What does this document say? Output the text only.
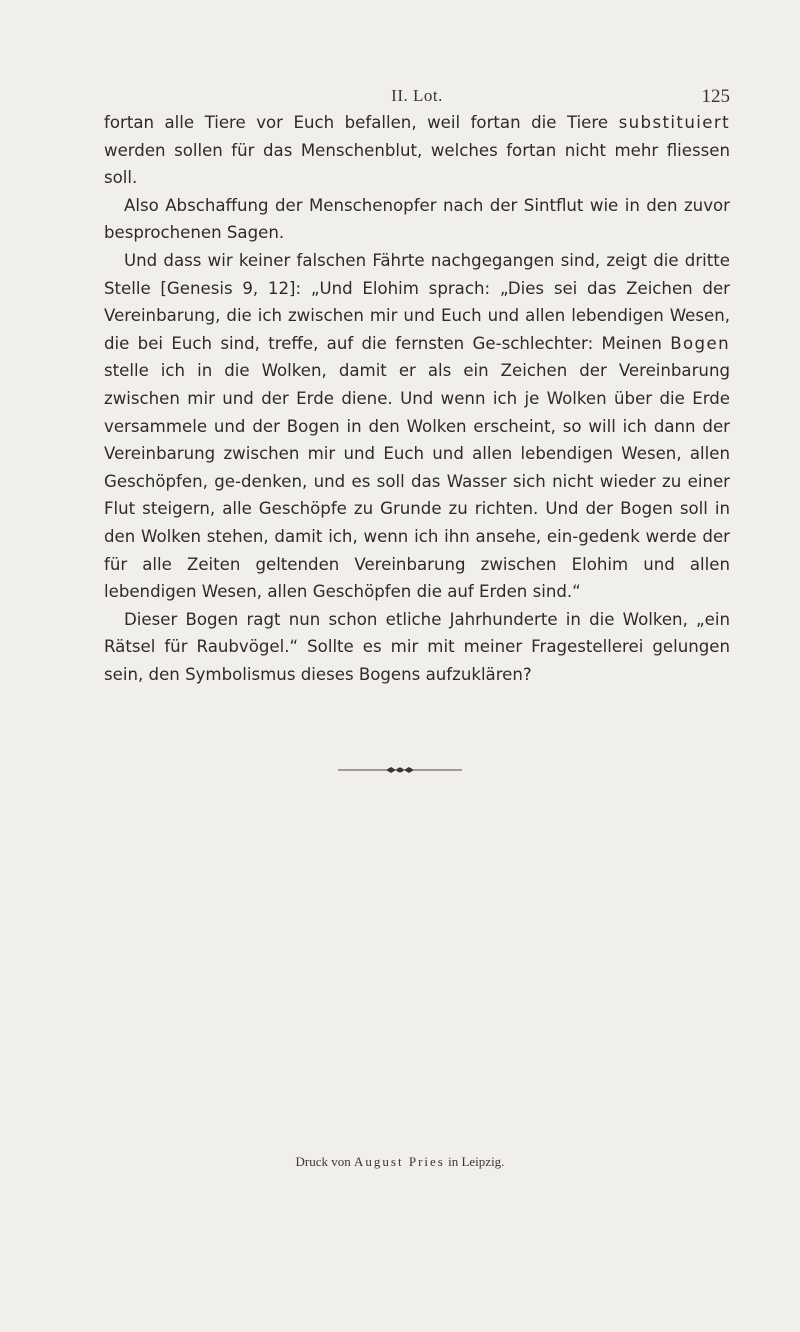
II. Lot.	125

fortan alle Tiere vor Euch befallen, weil fortan die Tiere substituiert werden sollen für das Menschenblut, welches fortan nicht mehr fliessen soll.

Also Abschaffung der Menschenopfer nach der Sintflut wie in den zuvor besprochenen Sagen.

Und dass wir keiner falschen Fährte nachgegangen sind, zeigt die dritte Stelle [Genesis 9, 12]: „Und Elohim sprach: „Dies sei das Zeichen der Vereinbarung, die ich zwischen mir und Euch und allen lebendigen Wesen, die bei Euch sind, treffe, auf die fernsten Ge-schlechter: Meinen Bogen stelle ich in die Wolken, damit er als ein Zeichen der Vereinbarung zwischen mir und der Erde diene. Und wenn ich je Wolken über die Erde versammele und der Bogen in den Wolken erscheint, so will ich dann der Vereinbarung zwischen mir und Euch und allen lebendigen Wesen, allen Geschöpfen, ge-denken, und es soll das Wasser sich nicht wieder zu einer Flut steigern, alle Geschöpfe zu Grunde zu richten. Und der Bogen soll in den Wolken stehen, damit ich, wenn ich ihn ansehe, ein-gedenk werde der für alle Zeiten geltenden Vereinbarung zwischen Elohim und allen lebendigen Wesen, allen Geschöpfen die auf Erden sind.“

Dieser Bogen ragt nun schon etliche Jahrhunderte in die Wolken, „ein Rätsel für Raubvögel.“ Sollte es mir mit meiner Fragestellerei gelungen sein, den Symbolismus dieses Bogens aufzuklären?

Druck von August Pries in Leipzig.
